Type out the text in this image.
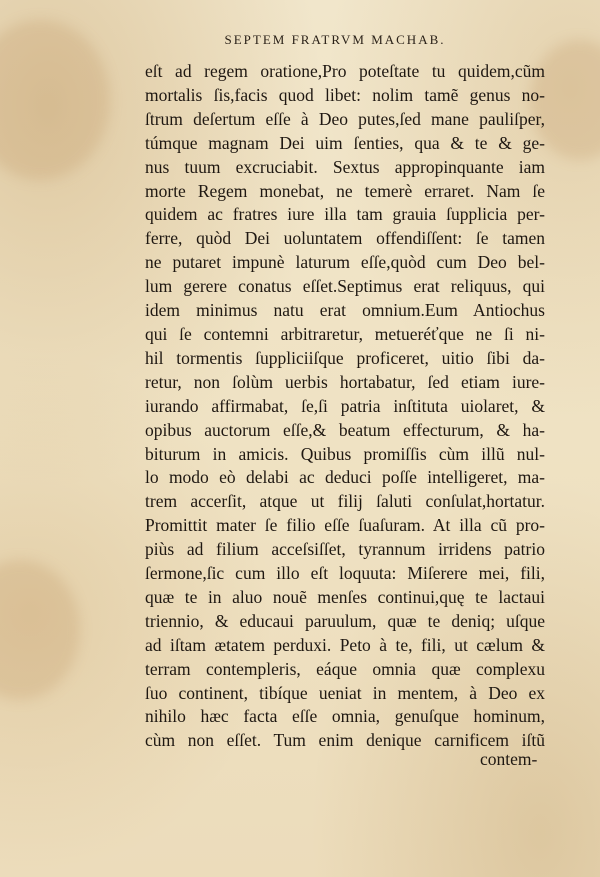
SEPTEM FRATRVM MACHAB.
eſt ad regem oratione,Pro poteſtate tu quidem,cũm
mortalis ſis,facis quod libet: nolim tamẽ genus no-
ſtrum deſertum eſſe à Deo putes,ſed mane pauliſper,
túmque magnam Dei uim ſenties, qua & te & ge-
nus tuum excruciabit. Sextus appropinquante iam
morte Regem monebat, ne temerè erraret. Nam ſe
quidem ac fratres iure illa tam grauia ſupplicia per-
ferre, quòd Dei uoluntatem offendiſſent: ſe tamen
ne putaret impunè laturum eſſe,quòd cum Deo bel-
lum gerere conatus eſſet.Septimus erat reliquus, qui
idem minimus natu erat omnium.Eum Antiochus
qui ſe contemni arbitraretur, metueréťque ne ſi ni-
hil tormentis ſuppliciiſque proficeret, uitio ſibi da-
retur, non ſolùm uerbis hortabatur, ſed etiam iure-
iurando affirmabat, ſe,ſi patria inſtituta uiolaret, &
opibus auctorum eſſe,& beatum effecturum, & ha-
biturum in amicis. Quibus promiſſis cùm illũ nul-
lo modo eò delabi ac deduci poſſe intelligeret, ma-
trem accerſit, atque ut filij ſaluti conſulat,hortatur.
Promittit mater ſe filio eſſe ſuaſuram. At illa cũ pro-
piùs ad filium acceſsiſſet, tyrannum irridens patrio
ſermone,ſic cum illo eſt loquuta: Miſerere mei, fili,
quæ te in aluo nouẽ menſes continui,quę te lactaui
triennio, & educaui paruulum, quæ te deniq; uſque
ad iſtam ætatem perduxi. Peto à te, fili, ut cælum &
terram contempleris, eáque omnia quæ complexu
ſuo continent, tibíque ueniat in mentem, à Deo ex
nihilo hæc facta eſſe omnia, genuſque hominum,
cùm non eſſet. Tum enim denique carnificem iſtũ
contem-
